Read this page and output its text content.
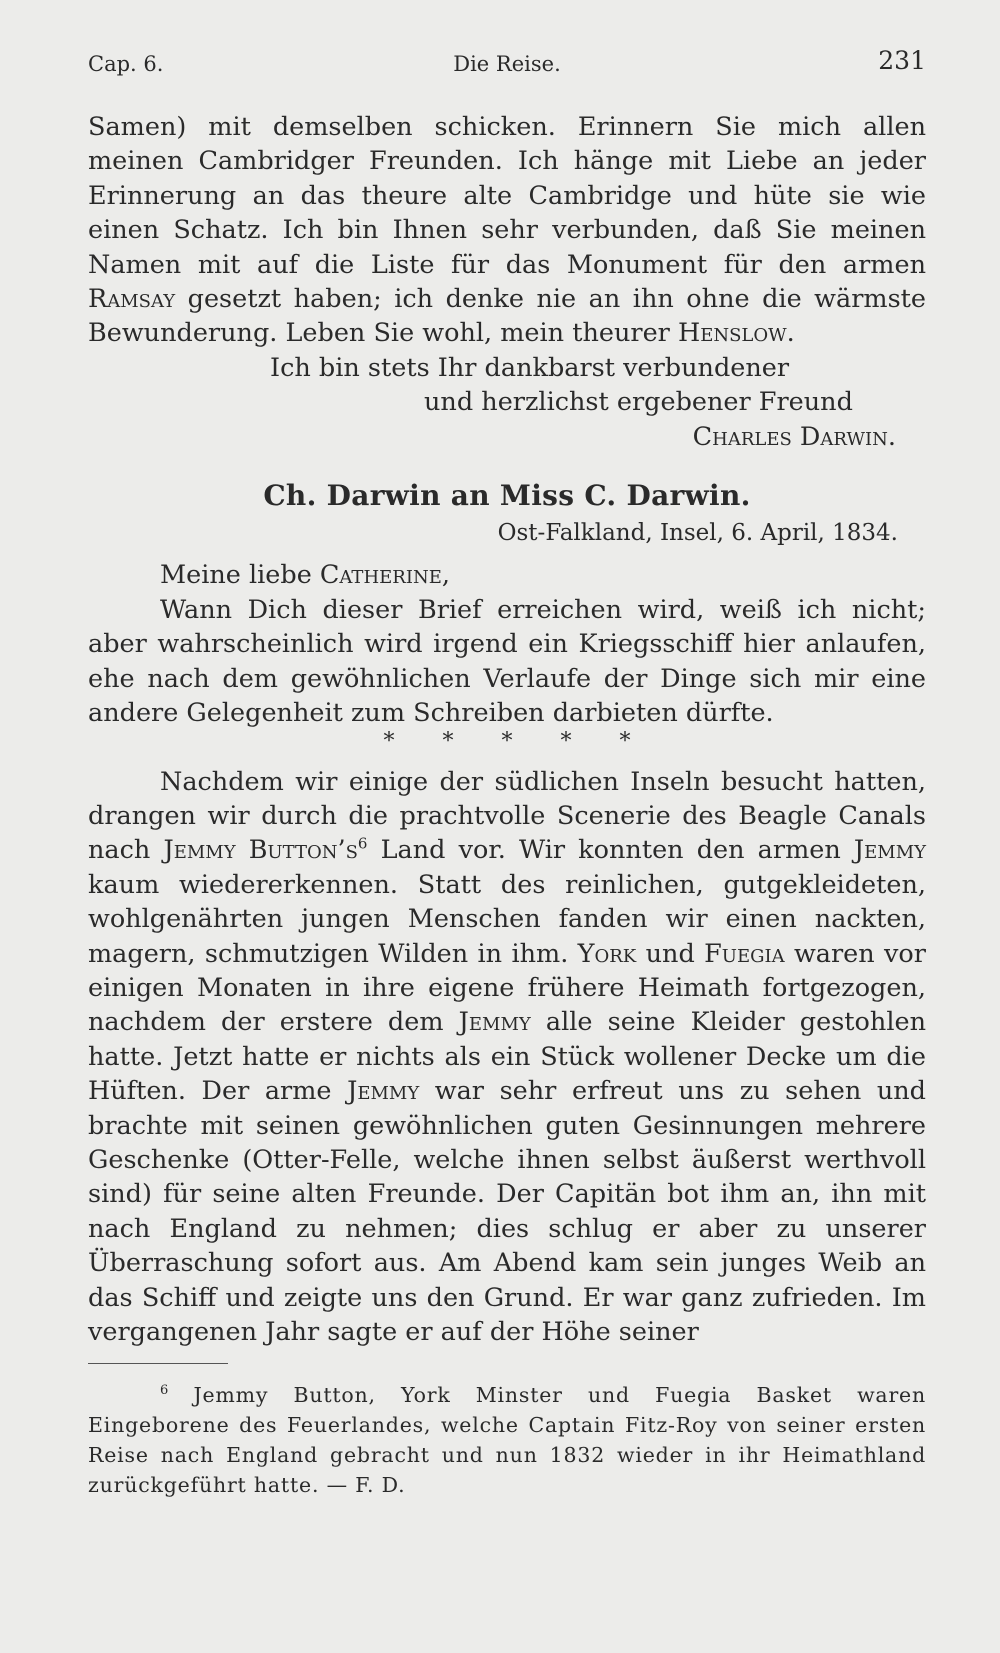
Cap. 6.	Die Reise.	231

Samen) mit demselben schicken. Erinnern Sie mich allen meinen Cambridger Freunden. Ich hänge mit Liebe an jeder Erinnerung an das theure alte Cambridge und hüte sie wie einen Schatz. Ich bin Ihnen sehr verbunden, daß Sie meinen Namen mit auf die Liste für das Monument für den armen Ramsay gesetzt haben; ich denke nie an ihn ohne die wärmste Bewunderung. Leben Sie wohl, mein theurer Henslow.

Ich bin stets Ihr dankbarst verbundener

und herzlichst ergebener Freund

Charles Darwin.

Ch. Darwin an Miss C. Darwin.

Ost-Falkland, Insel, 6. April, 1834.

Meine liebe Catherine,

Wann Dich dieser Brief erreichen wird, weiß ich nicht; aber wahrscheinlich wird irgend ein Kriegsschiff hier anlaufen, ehe nach dem gewöhnlichen Verlaufe der Dinge sich mir eine andere Gelegenheit zum Schreiben darbieten dürfte.

*****

Nachdem wir einige der südlichen Inseln besucht hatten, drangen wir durch die prachtvolle Scenerie des Beagle Canals nach Jemmy $Button’s^6$ Land vor. Wir konnten den armen Jemmy kaum wiedererkennen. Statt des reinlichen, gutgekleideten, wohlgenährten jungen Menschen fanden wir einen nackten, magern, schmutzigen Wilden in ihm. York und Fuegia waren vor einigen Monaten in ihre eigene frühere Heimath fortgezogen, nachdem der erstere dem Jemmy alle seine Kleider gestohlen hatte. Jetzt hatte er nichts als ein Stück wollener Decke um die Hüften. Der arme Jemmy war sehr erfreut uns zu sehen und brachte mit seinen gewöhnlichen guten Gesinnungen mehrere Geschenke (Otter-Felle, welche ihnen selbst äußerst werthvoll sind) für seine alten Freunde. Der Capitän bot ihm an, ihn mit nach England zu nehmen; dies schlug er aber zu unserer Überraschung sofort aus. Am Abend kam sein junges Weib an das Schiff und zeigte uns den Grund. Er war ganz zufrieden. Im vergangenen Jahr sagte er auf der Höhe seiner

$^6$ Jemmy Button, York Minster und Fuegia Basket waren Eingeborene des Feuerlandes, welche Captain Fitz-Roy von seiner ersten Reise nach England gebracht und nun 1832 wieder in ihr Heimathland zurückgeführt hatte. — F. D.
